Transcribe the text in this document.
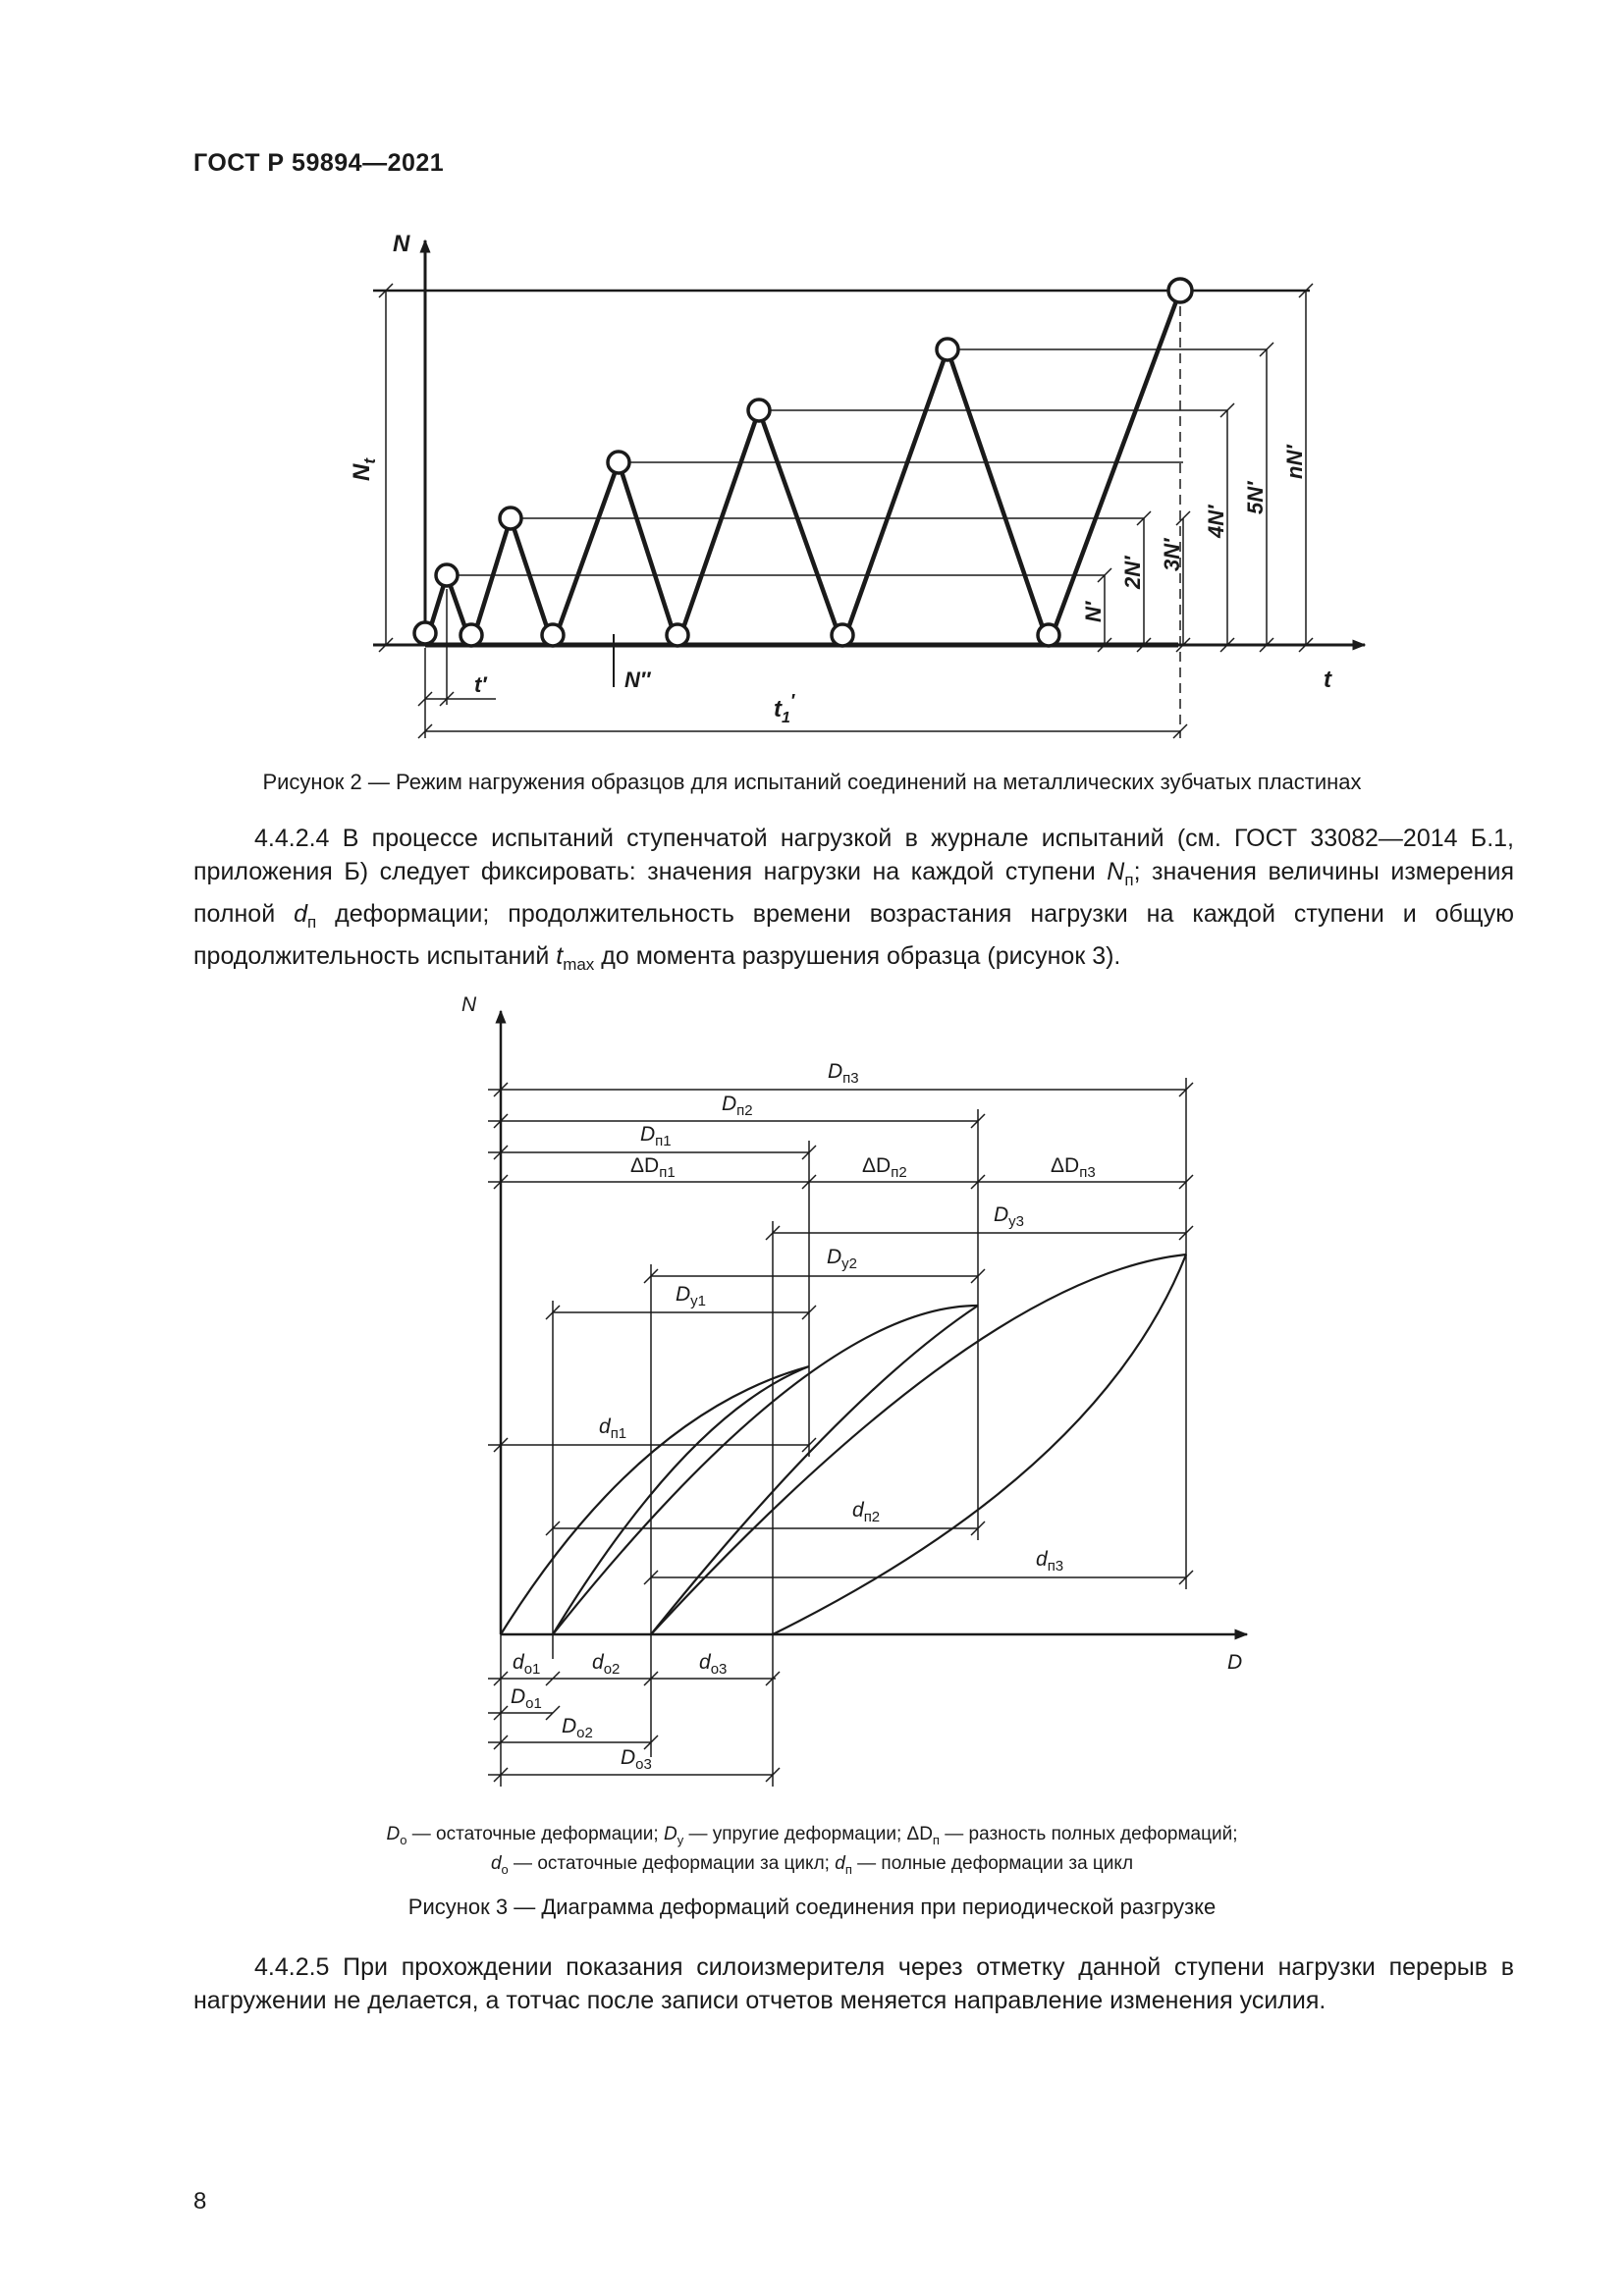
ГОСТ Р 59894—2021
N
t
$N_t$
N′
2N′
3N′
4N′
5N′
nN′
t′	N″
$t_1'$
Рисунок 2 — Режим нагружения образцов для испытаний соединений на металлических зубчатых пластинах
4.4.2.4 В процессе испытаний ступенчатой нагрузкой в журнале испытаний (см. ГОСТ 33082—2014 Б.1, приложения Б) следует фиксировать: значения нагрузки на каждой ступени $N_п$; значения величины измерения полной $d_п$ деформации; продолжительность времени возрастания нагрузки на каждой ступени и общую продолжительность испытаний $t_{max}$ до момента разрушения образца (рисунок 3).
N
D
$D_{п3}$
$D_{п2}$
$D_{п1}$
$\Delta D_{п1}$	$\Delta D_{п2}$	$\Delta D_{п3}$
$D_{y3}$
$D_{y2}$
$D_{y1}$
$d_{п1}$
$d_{п2}$
$d_{п3}$
$d_{o1}$	$d_{o2}$	$d_{o3}$
$D_{o1}$
$D_{o2}$
$D_{o3}$
$D_o$ — остаточные деформации; $D_y$ — упругие деформации; $\Delta D_п$ — разность полных деформаций;
$d_o$ — остаточные деформации за цикл; $d_п$ — полные деформации за цикл
Рисунок 3 — Диаграмма деформаций соединения при периодической разгрузке
4.4.2.5 При прохождении показания силоизмерителя через отметку данной ступени нагрузки перерыв в нагружении не делается, а тотчас после записи отчетов меняется направление изменения усилия.
8
